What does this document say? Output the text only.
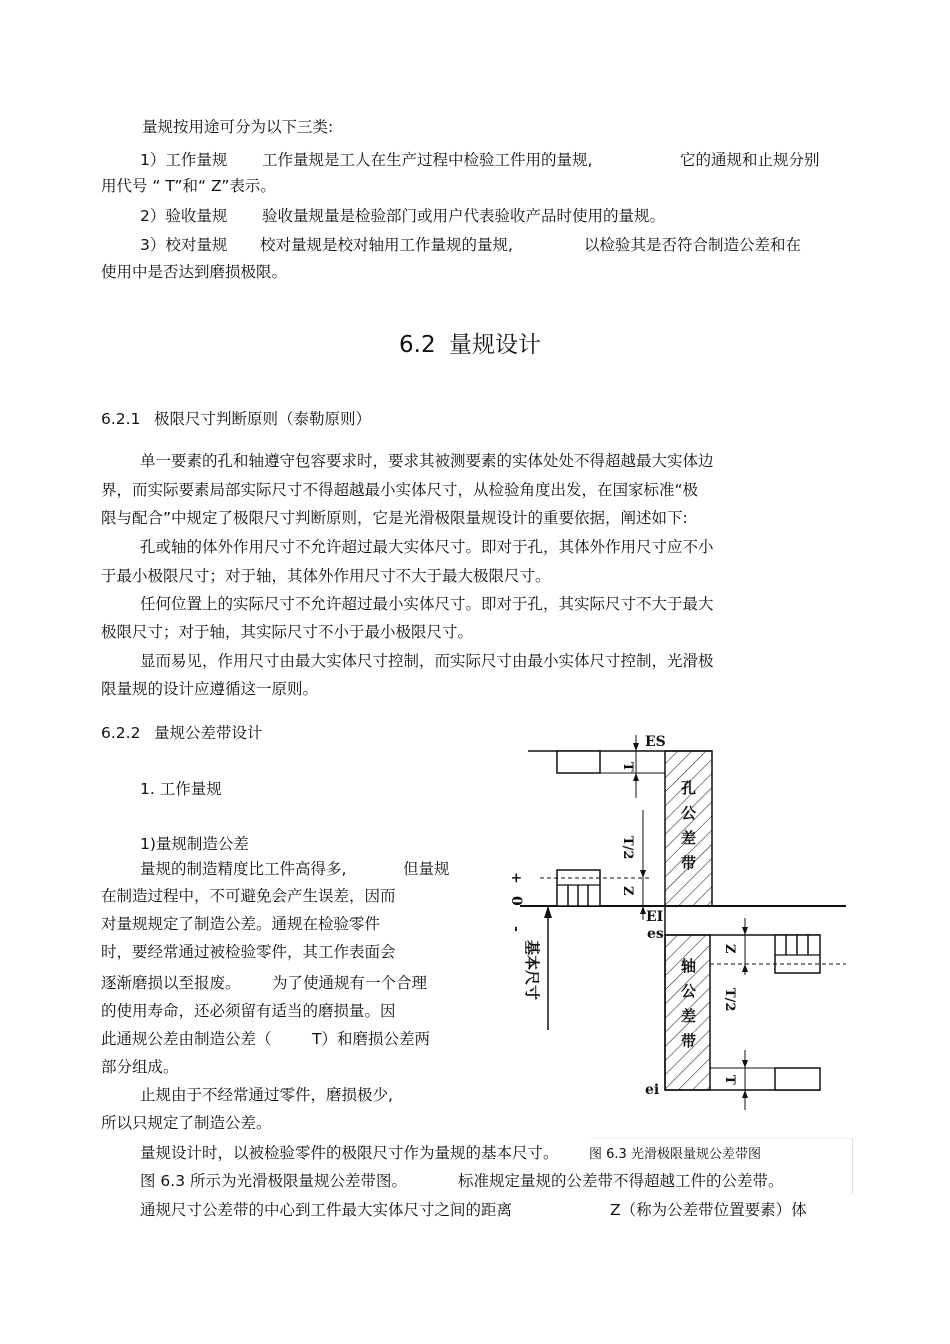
量规按用途可分为以下三类:
1）工作量规 工作量规是工人在生产过程中检验工件用的量规,	它的通规和止规分别
用代号 “ T”和“ Z”表示。
2）验收量规 验收量规量是检验部门或用户代表验收产品时使用的量规。
3）校对量规 校对量规是校对轴用工作量规的量规,	以检验其是否符合制造公差和在
使用中是否达到磨损极限。
6.2 量规设计
6.2.1 极限尺寸判断原则（泰勒原则）
单一要素的孔和轴遵守包容要求时，要求其被测要素的实体处处不得超越最大实体边
界，而实际要素局部实际尺寸不得超越最小实体尺寸，从检验角度出发，在国家标准“极
限与配合”中规定了极限尺寸判断原则，它是光滑极限量规设计的重要依据，阐述如下:
孔或轴的体外作用尺寸不允许超过最大实体尺寸。即对于孔，其体外作用尺寸应不小
于最小极限尺寸；对于轴，其体外作用尺寸不大于最大极限尺寸。
任何位置上的实际尺寸不允许超过最小实体尺寸。即对于孔，其实际尺寸不大于最大
极限尺寸；对于轴，其实际尺寸不小于最小极限尺寸。
显而易见，作用尺寸由最大实体尺寸控制，而实际尺寸由最小实体尺寸控制，光滑极
限量规的设计应遵循这一原则。
6.2.2 量规公差带设计
1. 工作量规
1)量规制造公差
量规的制造精度比工件高得多,	但量规
在制造过程中，不可避免会产生误差，因而
对量规规定了制造公差。通规在检验零件
时，要经常通过被检验零件，其工作表面会
逐渐磨损以至报废。 为了使通规有一个合理
的使用寿命，还必须留有适当的磨损量。因
此通规公差由制造公差（	T）和磨损公差两
部分组成。
止规由于不经常通过零件，磨损极少,
所以只规定了制造公差。
量规设计时，以被检验零件的极限尺寸作为量规的基本尺寸。 图 6.3 光滑极限量规公差带图
图 6.3 所示为光滑极限量规公差带图。	标准规定量规的公差带不得超越工件的公差带。
通规尺寸公差带的中心到工件最大实体尺寸之间的距离	Z（称为公差带位置要素）体
ES
EI
es
ei
T
T/2
Z
Z
T/2
T
+
0
-
孔公差带
轴公差带
基本尺寸
